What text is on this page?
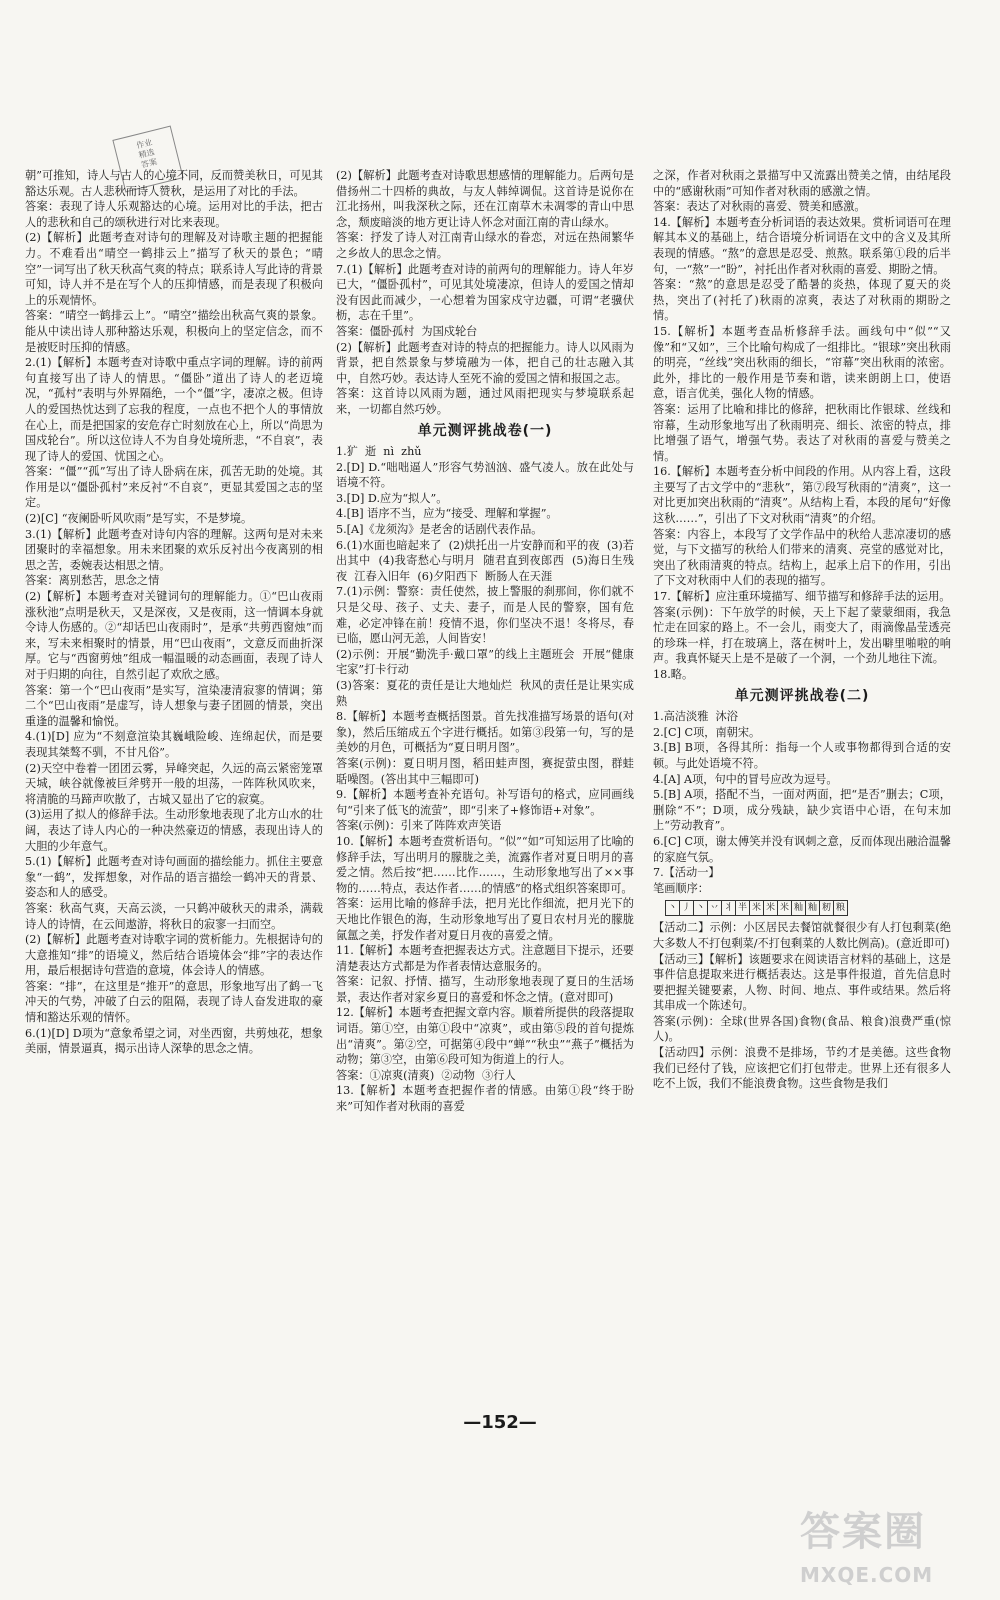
作业
精选
答案

朝”可推知，诗人与古人的心境不同，反而赞美秋日，可见其豁达乐观。古人悲秋而诗人赞秋，是运用了对比的手法。
答案：表现了诗人乐观豁达的心境。运用对比的手法，把古人的悲秋和自己的颂秋进行对比来表现。
(2)【解析】此题考查对诗句的理解及对诗歌主题的把握能力。不难看出“晴空一鹤排云上”描写了秋天的景色；“晴空”一词写出了秋天秋高气爽的特点；联系诗人写此诗的背景可知，诗人并不是在写个人的压抑情感，而是表现了积极向上的乐观情怀。
答案：“晴空一鹤排云上”。“晴空”描绘出秋高气爽的景象。能从中读出诗人那种豁达乐观，积极向上的坚定信念，而不是被贬时压抑的情感。
2.(1)【解析】本题考查对诗歌中重点字词的理解。诗的前两句直接写出了诗人的情思。“僵卧”道出了诗人的老迈境况，“孤村”表明与外界隔绝，一个“僵”字，凄凉之极。但诗人的爱国热忱达到了忘我的程度，一点也不把个人的事情放在心上，而是把国家的安危存亡时刻放在心上，所以“尚思为国戍轮台”。所以这位诗人不为自身处境所悲，“不自哀”，表现了诗人的爱国、忧国之心。
答案：“僵”“孤”写出了诗人卧病在床，孤苦无助的处境。其作用是以“僵卧孤村”来反衬“不自哀”，更显其爱国之志的坚定。
(2)[C] “夜阑卧听风吹雨”是写实，不是梦境。
3.(1)【解析】此题考查对诗句内容的理解。这两句是对未来团聚时的幸福想象。用未来团聚的欢乐反衬出今夜离别的相思之苦，委婉表达相思之情。
答案：离别愁苦，思念之情
(2)【解析】本题考查对关键词句的理解能力。①“巴山夜雨涨秋池”点明是秋天，又是深夜，又是夜雨，这一情调本身就令诗人伤感的。②“却话巴山夜雨时”，是承“共剪西窗烛”而来，写未来相聚时的情景，用“巴山夜雨”，文意反而曲折深厚。它与“西窗剪烛”组成一幅温暖的动态画面，表现了诗人对于归期的向往，自然引起了欢欣之感。
答案：第一个“巴山夜雨”是实写，渲染凄清寂寥的情调；第二个“巴山夜雨”是虚写，诗人想象与妻子团圆的情景，突出重逢的温馨和愉悦。
4.(1)[D] 应为“不刻意渲染其巍峨险峻、连绵起伏，而是要表现其桀骜不驯，不甘凡俗”。
(2)天空中卷着一团团云雾，异峰突起，久远的高云紧密笼罩天城，峡谷就像被巨斧劈开一般的坦荡，一阵阵秋风吹来，将清脆的马蹄声吹散了，古城又显出了它的寂寞。
(3)运用了拟人的修辞手法。生动形象地表现了北方山水的壮阔，表达了诗人内心的一种决然豪迈的情感，表现出诗人的大胆的少年意气。
5.(1)【解析】此题考查对诗句画面的描绘能力。抓住主要意象“一鹤”，发挥想象，对作品的语言描绘一鹤冲天的背景、姿态和人的感受。
答案：秋高气爽，天高云淡，一只鹤冲破秋天的肃杀，满载诗人的诗情，在云间遨游，将秋日的寂寥一扫而空。
(2)【解析】此题考查对诗歌字词的赏析能力。先根据诗句的大意推知“排”的语境义，然后结合语境体会“排”字的表达作用，最后根据诗句营造的意境，体会诗人的情感。
答案：“排”，在这里是“推开”的意思，形象地写出了鹤一飞冲天的气势，冲破了白云的阻隔，表现了诗人奋发进取的豪情和豁达乐观的情怀。
6.(1)[D] D项为“意象希望之词，对坐西窗，共剪烛花，想象美丽，情景逼真，揭示出诗人深挚的思念之情。

(2)【解析】此题考查对诗歌思想感情的理解能力。后两句是借扬州二十四桥的典故，与友人韩绰调侃。这首诗是说你在江北扬州，叫我深秋之际，还在江南草木未凋零的青山中思念，颓废暗淡的地方更让诗人怀念对面江南的青山绿水。
答案：抒发了诗人对江南青山绿水的眷恋，对远在热闹繁华之乡故人的思念之情。
7.(1)【解析】此题考查对诗的前两句的理解能力。诗人年岁已大，“僵卧孤村”，可见其处境凄凉，但诗人的爱国之情却没有因此而减少，一心想着为国家戍守边疆，可谓“老骥伏枥，志在千里”。
答案：僵卧孤村  为国戍轮台
(2)【解析】此题考查对诗的特点的把握能力。诗人以风雨为背景，把自然景象与梦境融为一体，把自己的壮志融入其中，自然巧妙。表达诗人至死不渝的爱国之情和报国之志。
答案：这首诗以风雨为题，通过风雨把现实与梦境联系起来，一切都自然巧妙。

单元测评挑战卷(一)

1.犷  逝  nì  zhǔ
2.[D] D.“咄咄逼人”形容气势汹汹、盛气凌人。放在此处与语境不符。
3.[D] D.应为“拟人”。
4.[B] 语序不当，应为“接受、理解和掌握”。
5.[A]《龙须沟》是老舍的话剧代表作品。
6.(1)水面也暗起来了  (2)烘托出一片安静而和平的夜  (3)若出其中  (4)我寄愁心与明月  随君直到夜郎西  (5)海日生残夜  江春入旧年  (6)夕阳西下  断肠人在天涯
7.(1)示例：警察：责任使然，披上警服的刹那间，你们就不只是父母、孩子、丈夫、妻子，而是人民的警察，国有危难，必定冲锋在前！疫情不退，你们坚决不退！冬将尽，春已临，愿山河无恙，人间皆安！
(2)示例：开展“勤洗手·戴口罩”的线上主题班会  开展“健康宅家”打卡行动
(3)答案：夏花的责任是让大地灿烂  秋风的责任是让果实成熟
8.【解析】本题考查概括图景。首先找准描写场景的语句(对象)，然后压缩成五个字进行概括。如第③段第一句，写的是美妙的月色，可概括为“夏日明月图”。
答案(示例)：夏日明月图，稻田蛙声图，赛捉萤虫图，群蛙聒噪图。(答出其中三幅即可)
9.【解析】本题考查补充语句。补写语句的格式，应同画线句“引来了低飞的流萤”，即“引来了+修饰语+对象”。
答案(示例)：引来了阵阵欢声笑语
10.【解析】本题考查赏析语句。“似”“如”可知运用了比喻的修辞手法，写出明月的朦胧之美，流露作者对夏日明月的喜爱之情。然后按“把……比作……，生动形象地写出了××事物的……特点，表达作者……的情感”的格式组织答案即可。
答案：运用比喻的修辞手法，把月光比作细流，把月光下的天地比作银色的海，生动形象地写出了夏日农村月光的朦胧氤氲之美，抒发作者对夏日月夜的喜爱之情。
11.【解析】本题考查把握表达方式。注意题目下提示，还要清楚表达方式都是为作者表情达意服务的。
答案：记叙、抒情、描写，生动形象地表现了夏日的生活场景，表达作者对家乡夏日的喜爱和怀念之情。(意对即可)
12.【解析】本题考查把握文章内容。顺着所提供的段落提取词语。第①空，由第①段中“凉爽”，或由第⑤段的首句提炼出“清爽”。第②空，可据第④段中“蝉”“秋虫”“燕子”概括为动物；第③空，由第⑥段可知为街道上的行人。
答案：①凉爽(清爽)  ②动物  ③行人
13.【解析】本题考查把握作者的情感。由第①段“终于盼来”可知作者对秋雨的喜爱

之深，作者对秋雨之景描写中又流露出赞美之情，由结尾段中的“感谢秋雨”可知作者对秋雨的感激之情。
答案：表达了对秋雨的喜爱、赞美和感激。
14.【解析】本题考查分析词语的表达效果。赏析词语可在理解其本义的基础上，结合语境分析词语在文中的含义及其所表现的情感。“熬”的意思是忍受、煎熬。联系第①段的后半句，一“熬”一“盼”，衬托出作者对秋雨的喜爱、期盼之情。
答案：“熬”的意思是忍受了酷暑的炎热，体现了夏天的炎热，突出了(衬托了)秋雨的凉爽，表达了对秋雨的期盼之情。
15.【解析】本题考查品析修辞手法。画线句中“似”“又像”和“又如”，三个比喻句构成了一组排比。“银球”突出秋雨的明亮，“丝线”突出秋雨的细长，“帘幕”突出秋雨的浓密。此外，排比的一般作用是节奏和谐，读来朗朗上口，使语意，语言优美，强化人物的情感。
答案：运用了比喻和排比的修辞，把秋雨比作银球、丝线和帘幕，生动形象地写出了秋雨明亮、细长、浓密的特点，排比增强了语气，增强气势。表达了对秋雨的喜爱与赞美之情。
16.【解析】本题考查分析中间段的作用。从内容上看，这段主要写了古文学中的“悲秋”，第⑦段写秋雨的“清爽”，这一对比更加突出秋雨的“清爽”。从结构上看，本段的尾句“好像这秋……”，引出了下文对秋雨“清爽”的介绍。
答案：内容上，本段写了文学作品中的秋给人悲凉凄切的感觉，与下文描写的秋给人们带来的清爽、亮堂的感觉对比，突出了秋雨清爽的特点。结构上，起承上启下的作用，引出了下文对秋雨中人们的表现的描写。
17.【解析】应注重环境描写、细节描写和修辞手法的运用。
答案(示例)：下午放学的时候，天上下起了蒙蒙细雨，我急忙走在回家的路上。不一会儿，雨变大了，雨滴像晶莹透亮的珍珠一样，打在玻璃上，落在树叶上，发出噼里啪啦的响声。我真怀疑天上是不是破了一个洞，一个劲儿地往下流。
18.略。

单元测评挑战卷(二)

1.高洁淡雅  沐浴
2.[C] C项，南朝宋。
3.[B] B项，各得其所：指每一个人或事物都得到合适的安顿。与此处语境不符。
4.[A] A项，句中的冒号应改为逗号。
5.[B] A项，搭配不当，一面对两面，把“是否”删去；C项，删除“不”；D项，成分残缺，缺少宾语中心语，在句末加上“劳动教育”。
6.[C] C项，谢太傅笑并没有讽刺之意，反而体现出融洽温馨的家庭气氛。
7.【活动一】
笔画顺序：

丶 丿 丶 丷 丬 半 米 米 米 籼 籼 籾 粮

【活动二】示例：小区居民去餐馆就餐很少有人打包剩菜(绝大多数人不打包剩菜/不打包剩菜的人数比例高)。(意近即可)
【活动三】【解析】该题要求在阅读语言材料的基础上，这是事件信息提取来进行概括表达。这是事件报道，首先信息时要把握关键要素，人物、时间、地点、事件或结果。然后将其串成一个陈述句。
答案(示例)：全球(世界各国)食物(食品、粮食)浪费严重(惊人)。
【活动四】示例：浪费不是排场，节约才是美德。这些食物我们已经付了钱，应该把它们打包带走。世界上还有很多人吃不上饭，我们不能浪费食物。这些食物是我们

—152—
答案圈
MXQE.COM
